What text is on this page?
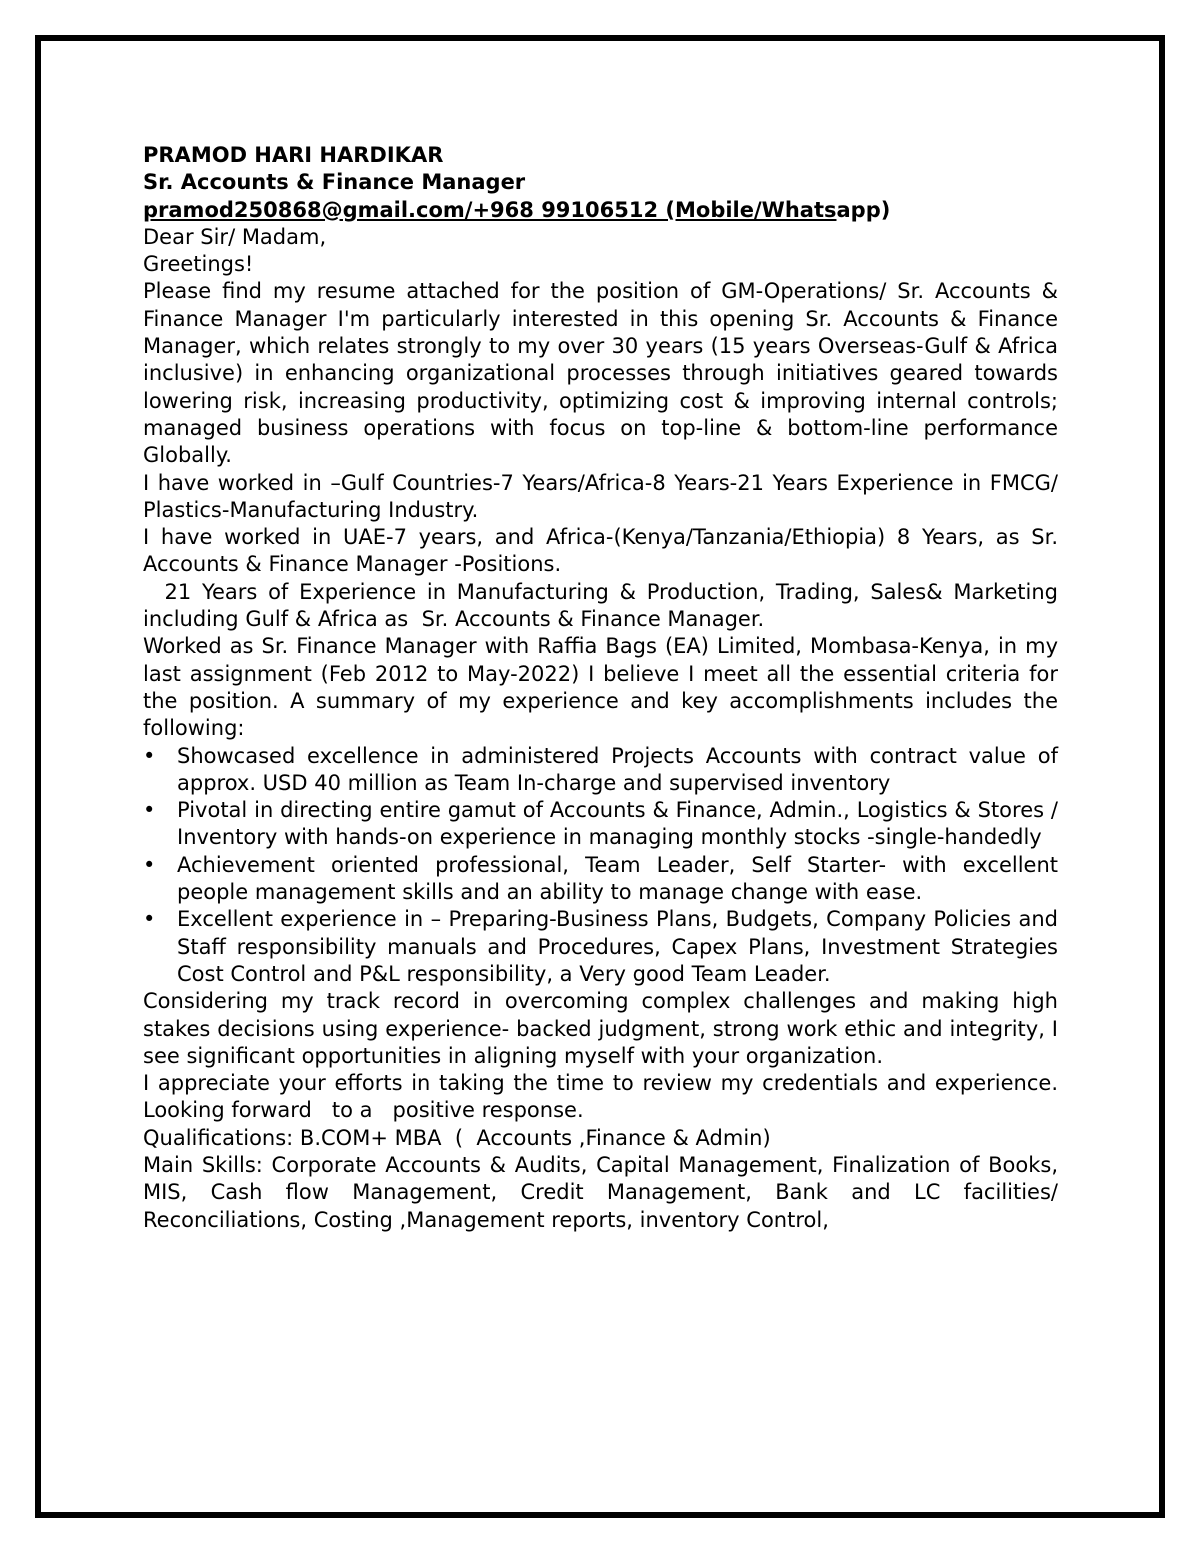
PRAMOD HARI HARDIKAR

Sr. Accounts & Finance Manager

pramod250868@gmail.com/+968 99106512 (Mobile/Whatsapp)

Dear Sir/ Madam,

Greetings!

Please find my resume attached for the position of GM-Operations/ Sr. Accounts & Finance Manager I'm particularly interested in this opening Sr. Accounts & Finance Manager, which relates strongly to my over 30 years (15 years Overseas-Gulf & Africa inclusive) in enhancing organizational processes through initiatives geared towards lowering risk, increasing productivity, optimizing cost & improving internal controls; managed business operations with focus on top-line & bottom-line performance Globally.

I have worked in –Gulf Countries-7 Years/Africa-8 Years-21 Years Experience in FMCG/ Plastics-Manufacturing Industry.

I have worked in UAE-7 years, and Africa-(Kenya/Tanzania/Ethiopia) 8 Years, as Sr. Accounts & Finance Manager -Positions.

21 Years of Experience in Manufacturing & Production, Trading, Sales& Marketing including Gulf & Africa as  Sr. Accounts & Finance Manager.

Worked as Sr. Finance Manager with Raffia Bags (EA) Limited, Mombasa-Kenya, in my last assignment (Feb 2012 to May-2022) I believe I meet all the essential criteria for the position. A summary of my experience and key accomplishments includes the following:

• Showcased excellence in administered Projects Accounts with contract value of approx. USD 40 million as Team In-charge and supervised inventory
• Pivotal in directing entire gamut of Accounts & Finance, Admin., Logistics & Stores / Inventory with hands-on experience in managing monthly stocks -single-handedly
• Achievement oriented professional, Team Leader, Self Starter- with excellent people management skills and an ability to manage change with ease.
• Excellent experience in – Preparing-Business Plans, Budgets, Company Policies and Staff responsibility manuals and Procedures, Capex Plans, Investment Strategies Cost Control and P&L responsibility, a Very good Team Leader.

Considering my track record in overcoming complex challenges and making high stakes decisions using experience- backed judgment, strong work ethic and integrity, I see significant opportunities in aligning myself with your organization.

I appreciate your efforts in taking the time to review my credentials and experience. Looking forward   to a   positive response.

Qualifications: B.COM+ MBA  (  Accounts ,Finance & Admin)

Main Skills: Corporate Accounts & Audits, Capital Management, Finalization of Books, MIS, Cash flow Management, Credit Management, Bank and LC facilities/ Reconciliations, Costing ,Management reports, inventory Control,
